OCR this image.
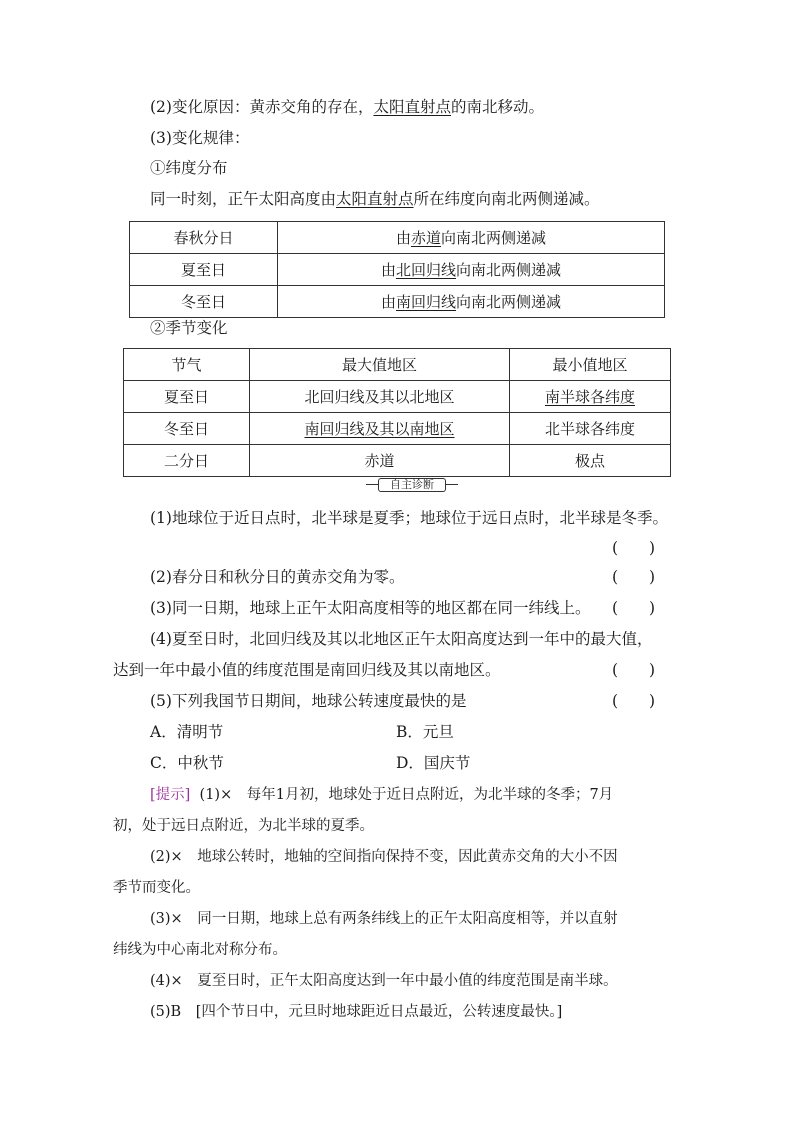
(2)变化原因：黄赤交角的存在，太阳直射点的南北移动。
(3)变化规律：
①纬度分布
同一时刻，正午太阳高度由太阳直射点所在纬度向南北两侧递减。
春秋分日	由赤道向南北两侧递减
夏至日	由北回归线向南北两侧递减
冬至日	由南回归线向南北两侧递减
②季节变化
节气	最大值地区	最小值地区
夏至日	北回归线及其以北地区	南半球各纬度
冬至日	南回归线及其以南地区	北半球各纬度
二分日	赤道	极点
自主诊断
(1)地球位于近日点时，北半球是夏季；地球位于远日点时，北半球是冬季。
(　　)
(2)春分日和秋分日的黄赤交角为零。	(　　)
(3)同一日期，地球上正午太阳高度相等的地区都在同一纬线上。 (　　)
(4)夏至日时，北回归线及其以北地区正午太阳高度达到一年中的最大值，
达到一年中最小值的纬度范围是南回归线及其以南地区。	(　　)
(5)下列我国节日期间，地球公转速度最快的是	(　　)
A．清明节	B．元旦
C．中秋节	D．国庆节
[提示] (1)×　每年1月初，地球处于近日点附近，为北半球的冬季；7月
初，处于远日点附近，为北半球的夏季。
(2)×　地球公转时，地轴的空间指向保持不变，因此黄赤交角的大小不因
季节而变化。
(3)×　同一日期，地球上总有两条纬线上的正午太阳高度相等，并以直射
纬线为中心南北对称分布。
(4)×　夏至日时，正午太阳高度达到一年中最小值的纬度范围是南半球。
(5)B　[四个节日中，元旦时地球距近日点最近，公转速度最快。]
